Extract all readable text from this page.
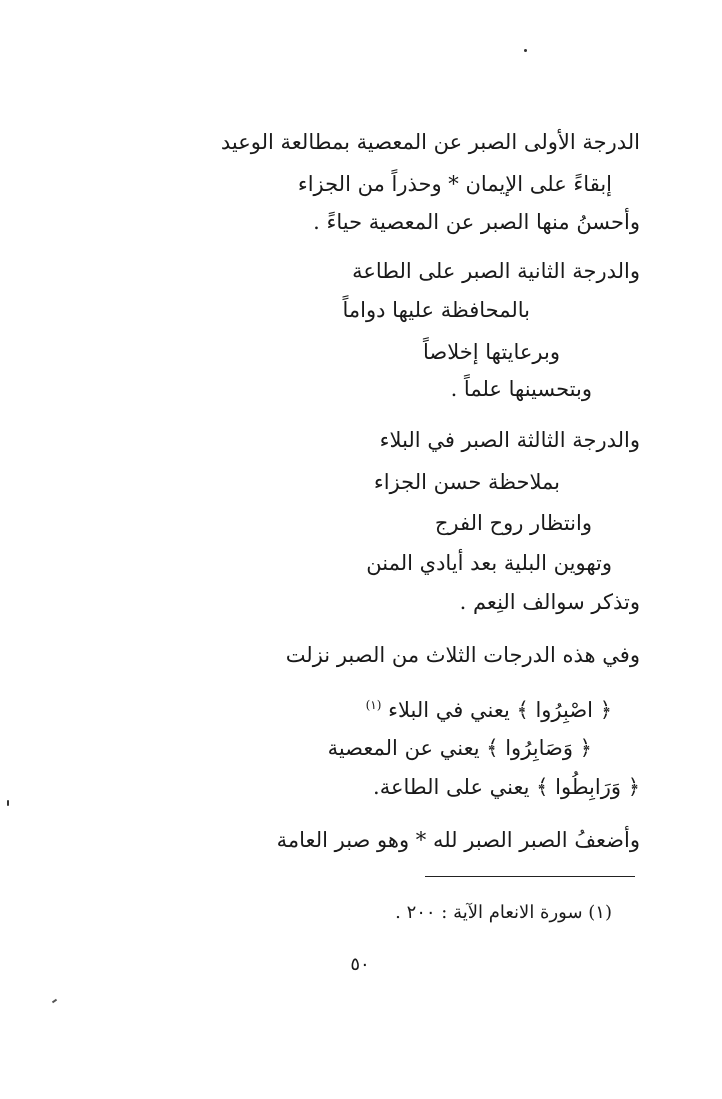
الدرجة الأولى الصبر عن المعصية بمطالعة الوعيد
إبقاءً على الإيمان * وحذراً من الجزاء
وأحسنُ منها الصبر عن المعصية حياءً .
والدرجة الثانية الصبر على الطاعة
بالمحافظة عليها دواماً
وبرعايتها إخلاصاً
وبتحسينها علماً .
والدرجة الثالثة الصبر في البلاء
بملاحظة حسن الجزاء
وانتظار روح الفرج
وتهوين البلية بعد أيادي المنن
وتذكر سوالف النِعم .
وفي هذه الدرجات الثلاث من الصبر نزلت
﴿ اصْبِرُوا ﴾ يعني في البلاء $^{(١)}$
﴿ وَصَابِرُوا ﴾ يعني عن المعصية
﴿ وَرَابِطُوا ﴾ يعني على الطاعة.
وأضعفُ الصبر الصبر لله * وهو صبر العامة
(١) سورة الانعام الآية : ٢٠٠ .
٥٠
